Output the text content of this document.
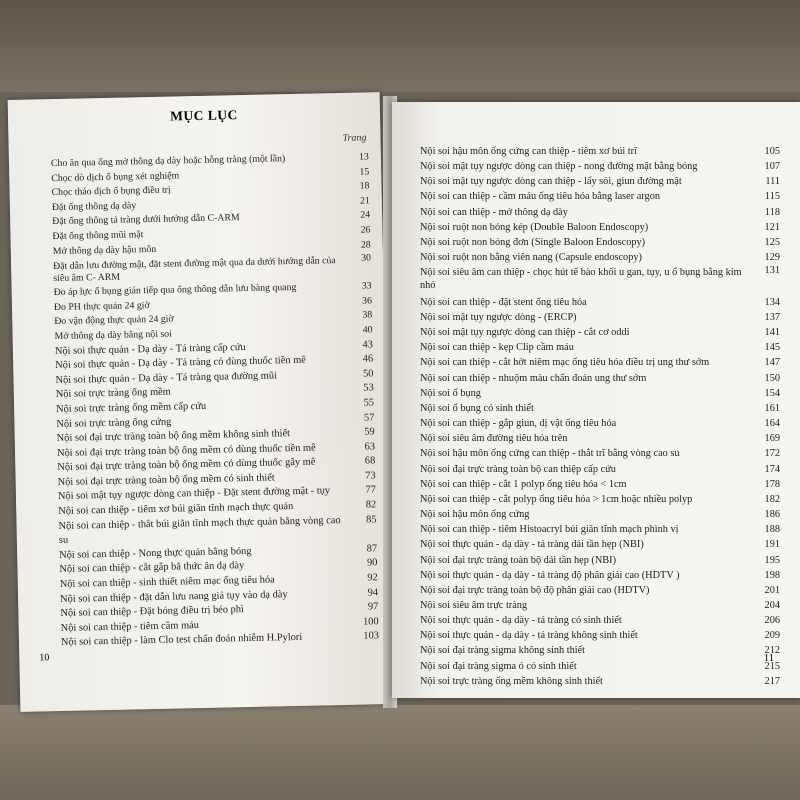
MỤC LỤC
Trang
Cho ăn qua ống mở thông dạ dày hoặc hỗng tràng (một lần)	13
Chọc dò dịch ổ bụng xét nghiệm	15
Chọc tháo dịch ổ bụng điều trị	18
Đặt ống thông dạ dày	21
Đặt ống thông tá tràng dưới hướng dẫn C-ARM	24
Đặt ống thông mũi mật	26
Mở thông dạ dày hậu môn	28
Đặt dẫn lưu đường mật, đặt stent đường mật qua da dưới hướng dẫn của siêu âm C- ARM
30
Đo áp lực ổ bụng gián tiếp qua ống thông dẫn lưu bàng quang	33
Đo PH thực quản 24 giờ	36
Đo vận động thực quản 24 giờ	38
Mở thông dạ dày bằng nội soi	40
Nội soi thực quản - Dạ dày - Tá tràng cấp cứu	43
Nội soi thực quản - Dạ dày - Tá tràng có dùng thuốc tiền mê	46
Nội soi thực quản - Dạ dày - Tá tràng qua đường mũi	50
Nội soi trực tràng ống mềm	53
Nội soi trực tràng ống mềm cấp cứu	55
Nội soi trực tràng ống cứng	57
Nội soi đại trực tràng toàn bộ ống mềm không sinh thiết	59
Nội soi đại trực tràng toàn bộ ống mềm có dùng thuốc tiền mê	63
Nội soi đại trực tràng toàn bộ ống mềm có dùng thuốc gây mê	68
Nội soi đại trực tràng toàn bộ ống mềm có sinh thiết	73
Nội soi mật tụy ngược dòng can thiệp - Đặt stent đường mật - tụy	77
Nội soi can thiệp - tiêm xơ búi giãn tĩnh mạch thực quản	82
Nội soi can thiệp - thắt búi giãn tĩnh mạch thực quản bằng vòng cao su
85
Nội soi can thiệp - Nong thực quản bằng bóng	87
Nội soi can thiệp - cắt gắp bã thức ăn dạ dày	90
Nội soi can thiệp - sinh thiết niêm mạc ống tiêu hóa	92
Nội soi can thiệp - đặt dẫn lưu nang giả tụy vào dạ dày	94
Nội soi can thiệp - Đặt bóng điều trị béo phì	97
Nội soi can thiệp - tiêm cầm máu	100
Nội soi can thiệp - làm Clo test chẩn đoán nhiễm H.Pylori	103
10
Nội soi hậu môn ống cứng can thiệp - tiêm xơ búi trĩ	105
Nội soi mật tụy ngược dòng can thiệp - nong đường mật bằng bóng	107
Nội soi mật tụy ngược dòng can thiệp - lấy sỏi, giun đường mật	111
Nội soi can thiệp - cầm máu ống tiêu hóa bằng laser argon	115
Nội soi can thiệp - mở thông dạ dày	118
Nội soi ruột non bóng kép (Double Baloon Endoscopy)	121
Nội soi ruột non bóng đơn (Single Baloon Endoscopy)	125
Nội soi ruột non bằng viên nang (Capsule endoscopy)	129
Nội soi siêu âm can thiệp - chọc hút tế bào khối u gan, tụy, u ổ bụng bằng kim nhỏ
131
Nội soi can thiệp - đặt stent ống tiêu hóa	134
Nội soi mật tụy ngược dòng - (ERCP)	137
Nội soi mật tụy ngược dòng can thiệp - cắt cơ oddi	141
Nội soi can thiệp - kẹp Clip cầm máu	145
Nội soi can thiệp - cắt hớt niêm mạc ống tiêu hóa điều trị ung thư sớm	147
Nội soi can thiệp - nhuộm màu chẩn đoán ung thư sớm	150
Nội soi ổ bụng	154
Nội soi ổ bụng có sinh thiết	161
Nội soi can thiệp - gắp giun, dị vật ống tiêu hóa	164
Nội soi siêu âm đường tiêu hóa trên	169
Nội soi hậu môn ống cứng can thiệp - thắt trĩ bằng vòng cao su	172
Nội soi đại trực tràng toàn bộ can thiệp cấp cứu	174
Nội soi can thiệp - cắt 1 polyp ống tiêu hóa < 1cm	178
Nội soi can thiệp - cắt polyp ống tiêu hóa > 1cm hoặc nhiều polyp	182
Nội soi hậu môn ống cứng	186
Nội soi can thiệp - tiêm Histoacryl búi giãn tĩnh mạch phình vị	188
Nội soi thực quản - dạ dày - tá tràng dải tần hẹp (NBI)	191
Nội soi đại trực tràng toàn bộ dải tần hẹp (NBI)	195
Nội soi thực quản - dạ dày - tá tràng độ phân giải cao (HDTV )	198
Nội soi đại trực tràng toàn bộ độ phân giải cao (HDTV)	201
Nội soi siêu âm trực tràng	204
Nội soi thực quản - dạ dày - tá tràng có sinh thiết	206
Nội soi thực quản - dạ dày - tá tràng không sinh thiết	209
Nội soi đại tràng sigma không sinh thiết	212
Nội soi đại tràng sigma ó có sinh thiết	215
Nội soi trực tràng ống mềm không sinh thiết	217
11
